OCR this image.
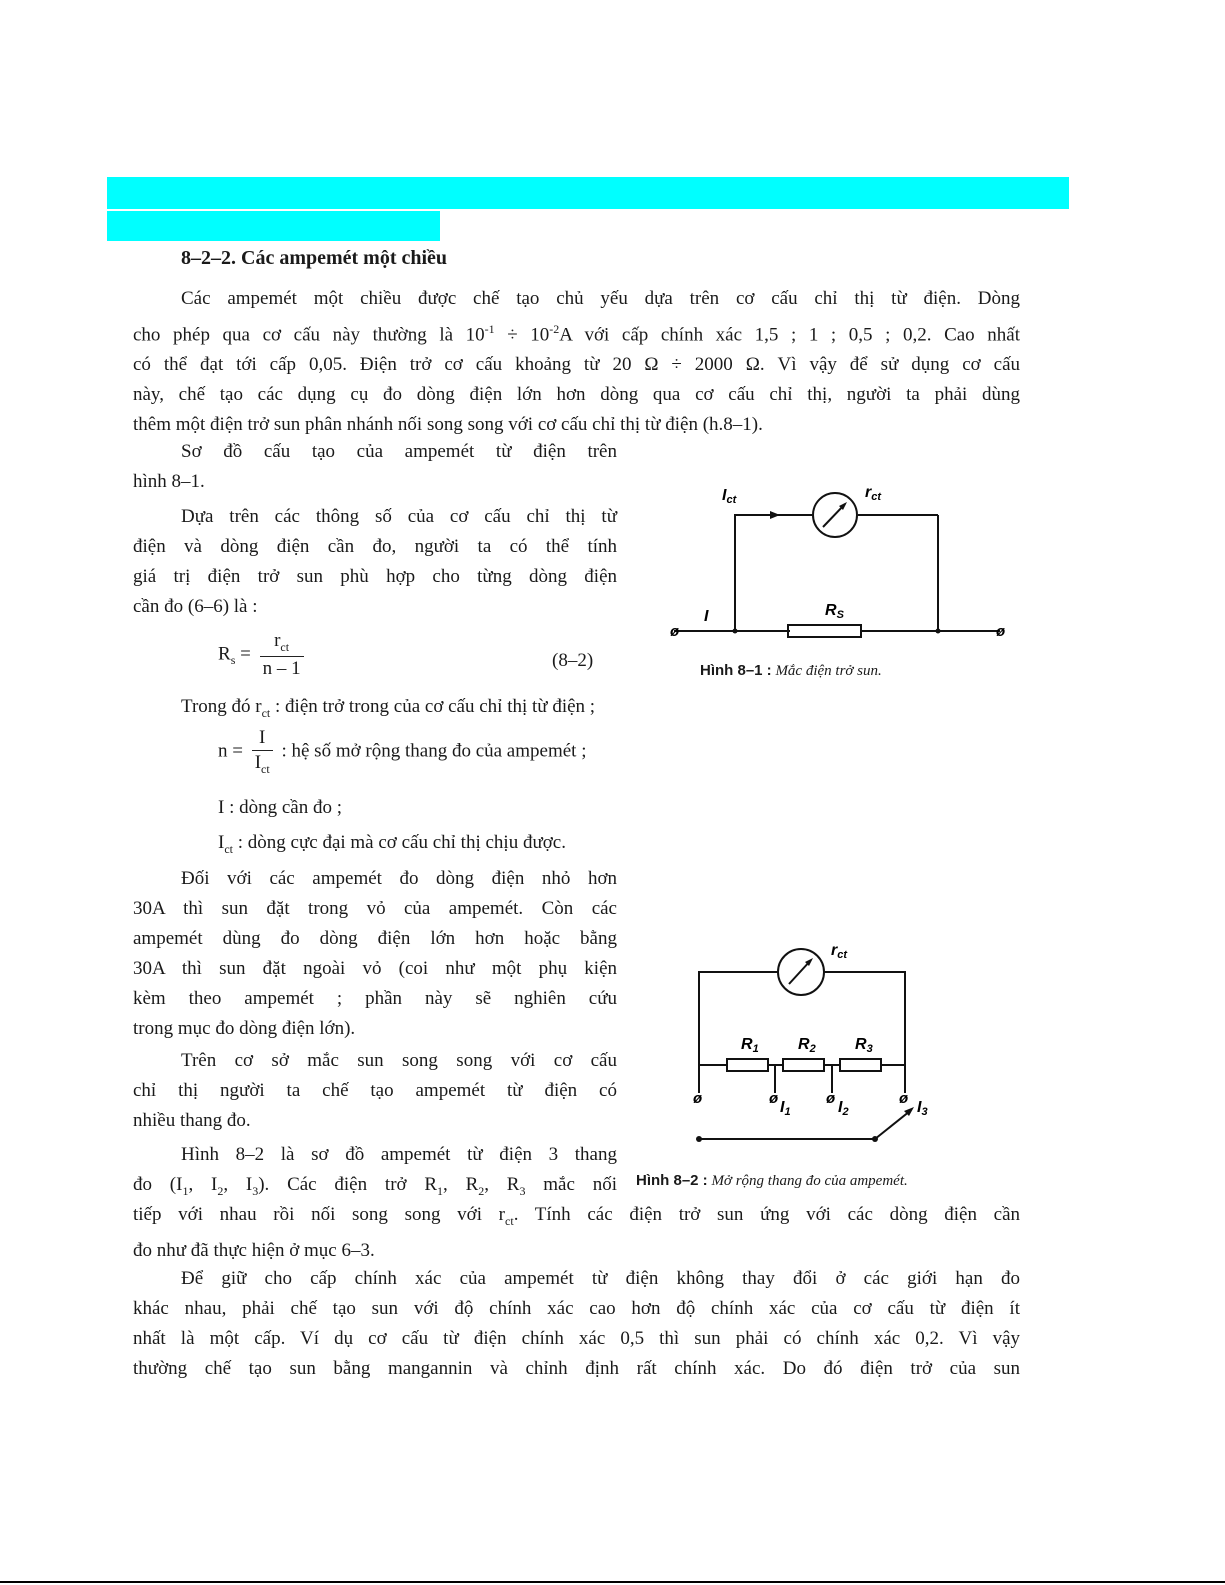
8–2–2. Các ampemét một chiều
Các ampemét một chiều được chế tạo chủ yếu dựa trên cơ cấu chỉ thị từ điện. Dòng
cho phép qua cơ cấu này thường là $10^{-1} \div 10^{-2}A$ với cấp chính xác 1,5 ; 1 ; 0,5 ; 0,2. Cao nhất
có thể đạt tới cấp 0,05. Điện trở cơ cấu khoảng từ 20 Ω ÷ 2000 Ω. Vì vậy để sử dụng cơ cấu
này, chế tạo các dụng cụ đo dòng điện lớn hơn dòng qua cơ cấu chỉ thị, người ta phải dùng
thêm một điện trở sun phân nhánh nối song song với cơ cấu chỉ thị từ điện (h.8–1).
Sơ đồ cấu tạo của ampemét từ điện trên
hình 8–1.
Dựa trên các thông số của cơ cấu chỉ thị từ
điện và dòng điện cần đo, người ta có thể tính
giá trị điện trở sun phù hợp cho từng dòng điện
cần đo (6–6) là :
$R_s = \frac{r_{ct}}{n - 1}$	(8–2)
Trong đó $r_{ct}$ : điện trở trong của cơ cấu chỉ thị từ điện ;
$n = \frac{I}{I_{ct}}$ : hệ số mở rộng thang đo của ampemét ;
I : dòng cần đo ;
$I_{ct}$ : dòng cực đại mà cơ cấu chỉ thị chịu được.
Đối với các ampemét đo dòng điện nhỏ hơn
30A thì sun đặt trong vỏ của ampemét. Còn các
ampemét dùng đo dòng điện lớn hơn hoặc bằng
30A thì sun đặt ngoài vỏ (coi như một phụ kiện
kèm theo ampemét ; phần này sẽ nghiên cứu
trong mục đo dòng điện lớn).
Trên cơ sở mắc sun song song với cơ cấu
chỉ thị người ta chế tạo ampemét từ điện có
nhiều thang đo.
Hình 8–2 là sơ đồ ampemét từ điện 3 thang
đo ($I_1$, $I_2$, $I_3$). Các điện trở $R_1$, $R_2$, $R_3$ mắc nối
tiếp với nhau rồi nối song song với $r_{ct}$. Tính các điện trở sun ứng với các dòng điện cần
đo như đã thực hiện ở mục 6–3.
Để giữ cho cấp chính xác của ampemét từ điện không thay đổi ở các giới hạn đo
khác nhau, phải chế tạo sun với độ chính xác cao hơn độ chính xác của cơ cấu từ điện ít
nhất là một cấp. Ví dụ cơ cấu từ điện chính xác 0,5 thì sun phải có chính xác 0,2. Vì vậy
thường chế tạo sun bằng mangannin và chỉnh định rất chính xác. Do đó điện trở của sun
ø	ø
Ict	rct
I	RS
Hình 8–1 : Mắc điện trở sun.
ø	ø	ø	ø
rct
R1 R2 R3
I1	I2	I3
Hình 8–2 : Mở rộng thang đo của ampemét.
